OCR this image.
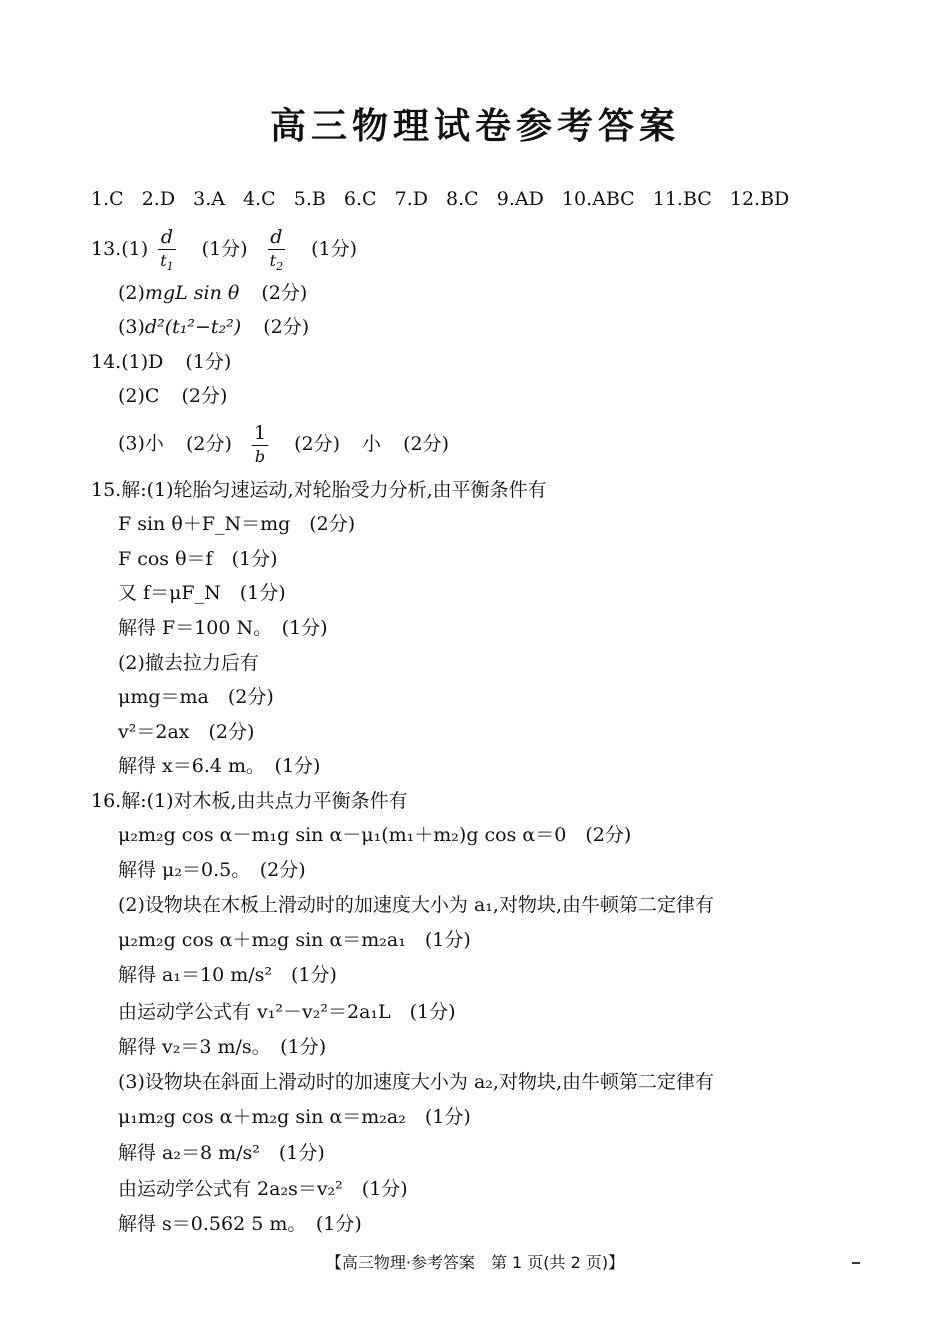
高三物理试卷参考答案
1.C 2.D 3.A 4.C 5.B 6.C 7.D 8.C 9.AD 10.ABC 11.BC 12.BD
$13.(1) \frac{d}{t_1} (1$分) $\frac{d}{t_2} (1$分)
(2)mgL sin θ (2分)
(3)d²(t₁²−t₂²) (2分)
14.(1)D (1分)
(2)C (2分)
(3)小 (2分) $\frac{1}{b} (2$分) 小 (2分)
15.解:(1)轮胎匀速运动,对轮胎受力分析,由平衡条件有
F sin θ＋F_N＝mg　(2分)
F cos θ＝f　(1分)
又 f＝μF_N　(1分)
解得 F＝100 N。　(1分)
(2)撤去拉力后有
μmg＝ma　(2分)
v²＝2ax　(2分)
解得 x＝6.4 m。　(1分)
16.解:(1)对木板,由共点力平衡条件有
μ₂m₂g cos α－m₁g sin α－μ₁(m₁＋m₂)g cos α＝0　(2分)
解得 μ₂＝0.5。　(2分)
(2)设物块在木板上滑动时的加速度大小为 a₁,对物块,由牛顿第二定律有
μ₂m₂g cos α＋m₂g sin α＝m₂a₁　(1分)
解得 a₁＝10 m/s²　(1分)
由运动学公式有 v₁²－v₂²＝2a₁L　(1分)
解得 v₂＝3 m/s。　(1分)
(3)设物块在斜面上滑动时的加速度大小为 a₂,对物块,由牛顿第二定律有
μ₁m₂g cos α＋m₂g sin α＝m₂a₂　(1分)
解得 a₂＝8 m/s²　(1分)
由运动学公式有 2a₂s＝v₂²　(1分)
解得 s＝0.562 5 m。　(1分)
【高三物理·参考答案　第 1 页(共 2 页)】
